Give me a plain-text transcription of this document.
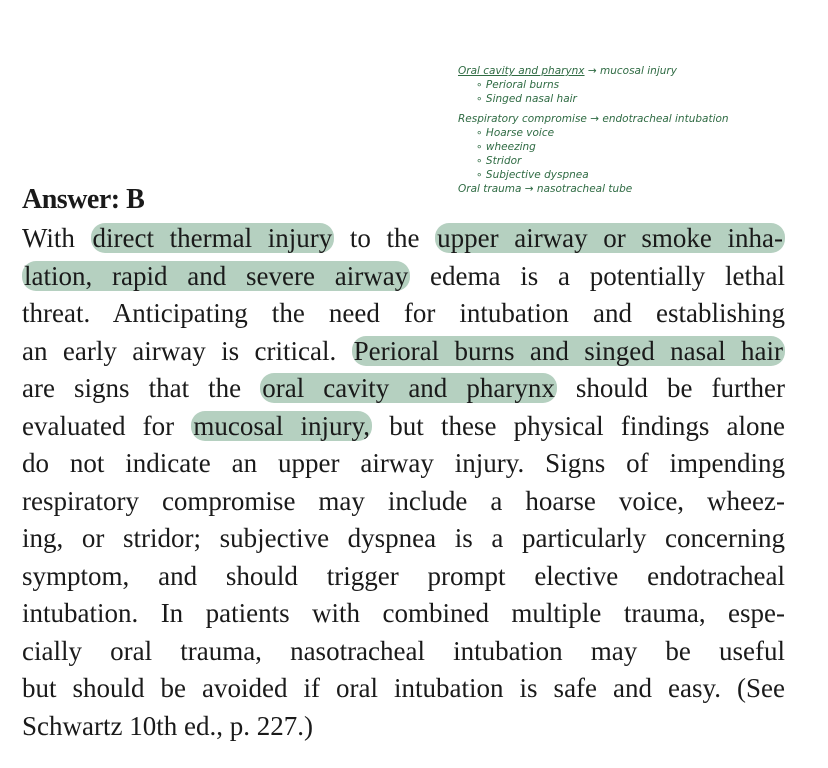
Oral cavity and pharynx → mucosal injury
∘ Perioral burns
∘ Singed nasal hair
Respiratory compromise → endotracheal intubation
∘ Hoarse voice
∘ wheezing
∘ Stridor
∘ Subjective dyspnea
Oral trauma → nasotracheal tube
Answer: B
With direct thermal injury to the upper airway or smoke inha-
lation, rapid and severe airway edema is a potentially lethal
threat. Anticipating the need for intubation and establishing
an early airway is critical. Perioral burns and singed nasal hair
are signs that the oral cavity and pharynx should be further
evaluated for mucosal injury, but these physical findings alone
do not indicate an upper airway injury. Signs of impending
respiratory compromise may include a hoarse voice, wheez-
ing, or stridor; subjective dyspnea is a particularly concerning
symptom, and should trigger prompt elective endotracheal
intubation. In patients with combined multiple trauma, espe-
cially oral trauma, nasotracheal intubation may be useful
but should be avoided if oral intubation is safe and easy. (See
Schwartz 10th ed., p. 227.)
